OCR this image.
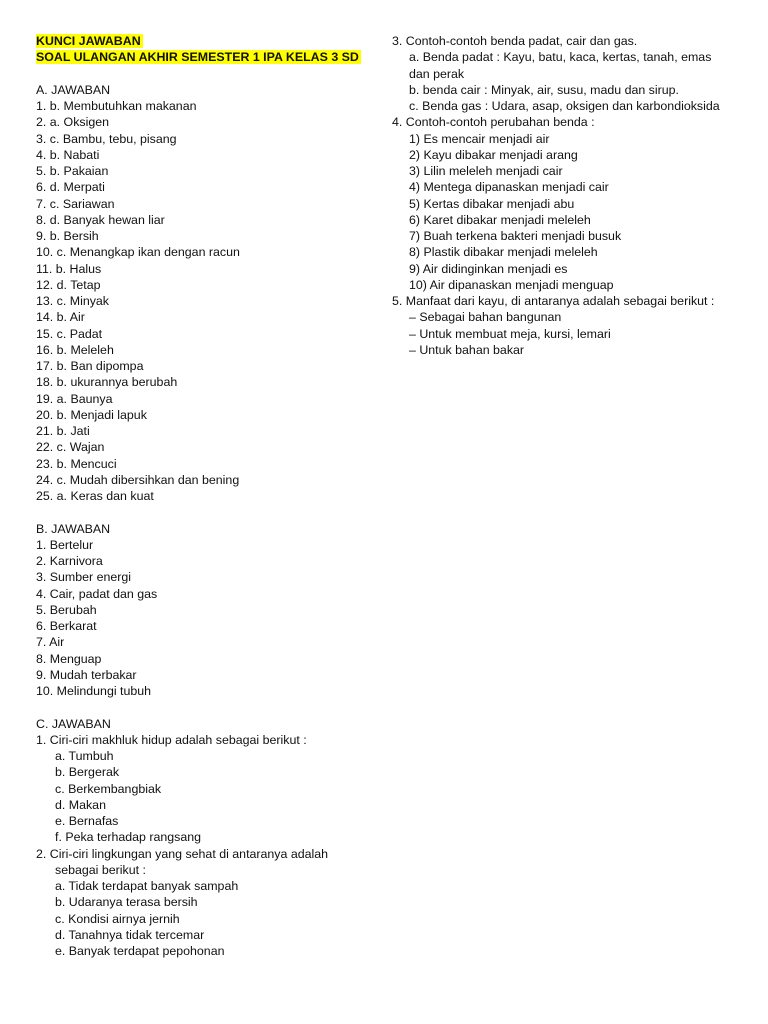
KUNCI JAWABAN
SOAL ULANGAN AKHIR SEMESTER 1 IPA KELAS 3 SD
A. JAWABAN
1. b. Membutuhkan makanan
2. a. Oksigen
3. c. Bambu, tebu, pisang
4. b. Nabati
5. b. Pakaian
6. d. Merpati
7. c. Sariawan
8. d. Banyak hewan liar
9. b. Bersih
10. c. Menangkap ikan dengan racun
11. b. Halus
12. d. Tetap
13. c. Minyak
14. b. Air
15. c. Padat
16. b. Meleleh
17. b. Ban dipompa
18. b. ukurannya berubah
19. a. Baunya
20. b. Menjadi lapuk
21. b. Jati
22. c. Wajan
23. b. Mencuci
24. c. Mudah dibersihkan dan bening
25. a. Keras dan kuat
B. JAWABAN
1. Bertelur
2. Karnivora
3. Sumber energi
4. Cair, padat dan gas
5. Berubah
6. Berkarat
7. Air
8. Menguap
9. Mudah terbakar
10. Melindungi tubuh
C. JAWABAN
1. Ciri-ciri makhluk hidup adalah sebagai berikut :
a. Tumbuh
b. Bergerak
c. Berkembangbiak
d. Makan
e. Bernafas
f. Peka terhadap rangsang
2. Ciri-ciri lingkungan yang sehat di antaranya adalah
sebagai berikut :
a. Tidak terdapat banyak sampah
b. Udaranya terasa bersih
c. Kondisi airnya jernih
d. Tanahnya tidak tercemar
e. Banyak terdapat pepohonan
3. Contoh-contoh benda padat, cair dan gas.
a. Benda padat : Kayu, batu, kaca, kertas, tanah, emas dan perak
b. benda cair : Minyak, air, susu, madu dan sirup.
c. Benda gas : Udara, asap, oksigen dan karbondioksida
4. Contoh-contoh perubahan benda :
1) Es mencair menjadi air
2) Kayu dibakar menjadi arang
3) Lilin meleleh menjadi cair
4) Mentega dipanaskan menjadi cair
5) Kertas dibakar menjadi abu
6) Karet dibakar menjadi meleleh
7) Buah terkena bakteri menjadi busuk
8) Plastik dibakar menjadi meleleh
9) Air didinginkan menjadi es
10) Air dipanaskan menjadi menguap
5. Manfaat dari kayu, di antaranya adalah sebagai berikut :
– Sebagai bahan bangunan
– Untuk membuat meja, kursi, lemari
– Untuk bahan bakar
